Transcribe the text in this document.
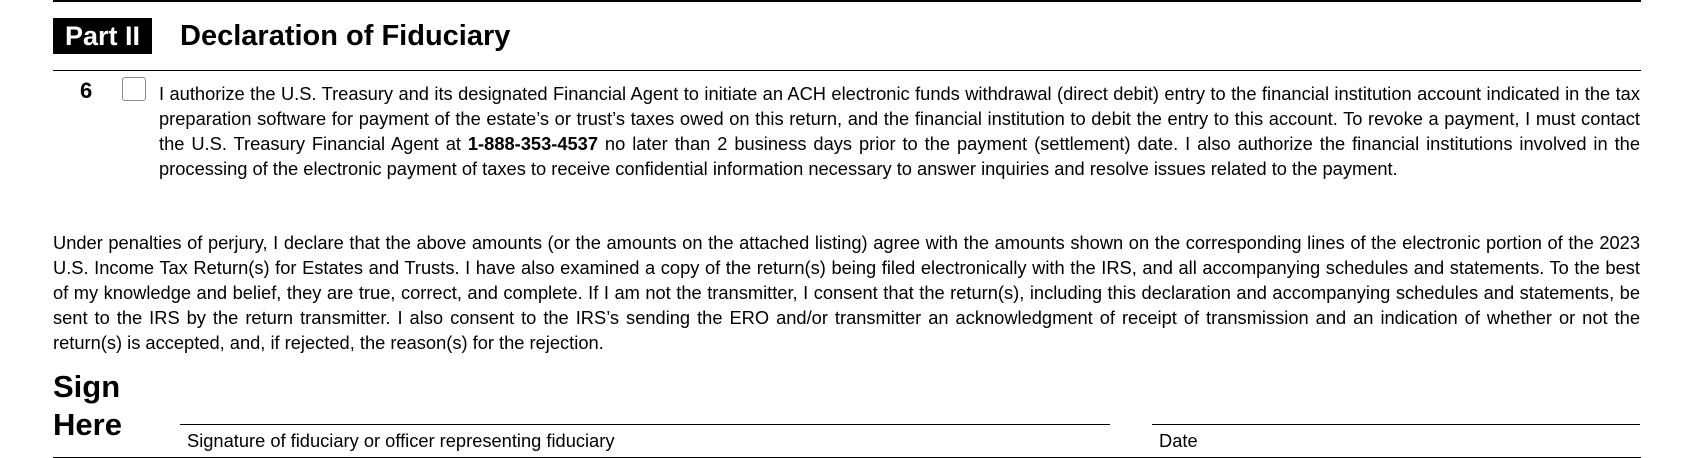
Part II	Declaration of Fiduciary
6	I authorize the U.S. Treasury and its designated Financial Agent to initiate an ACH electronic funds withdrawal (direct debit) entry to the financial institution account indicated in the tax preparation software for payment of the estate’s or trust’s taxes owed on this return, and the financial institution to debit the entry to this account. To revoke a payment, I must contact the U.S. Treasury Financial Agent at 1-888-353-4537 no later than 2 business days prior to the payment (settlement) date. I also authorize the financial institutions involved in the processing of the electronic payment of taxes to receive confidential information necessary to answer inquiries and resolve issues related to the payment.
Under penalties of perjury, I declare that the above amounts (or the amounts on the attached listing) agree with the amounts shown on the corresponding lines of the electronic portion of the 2023 U.S. Income Tax Return(s) for Estates and Trusts. I have also examined a copy of the return(s) being filed electronically with the IRS, and all accompanying schedules and statements. To the best of my knowledge and belief, they are true, correct, and complete. If I am not the transmitter, I consent that the return(s), including this declaration and accompanying schedules and statements, be sent to the IRS by the return transmitter. I also consent to the IRS’s sending the ERO and/or transmitter an acknowledgment of receipt of transmission and an indication of whether or not the return(s) is accepted, and, if rejected, the reason(s) for the rejection.
Sign
Here	Signature of fiduciary or officer representing fiduciary	Date
